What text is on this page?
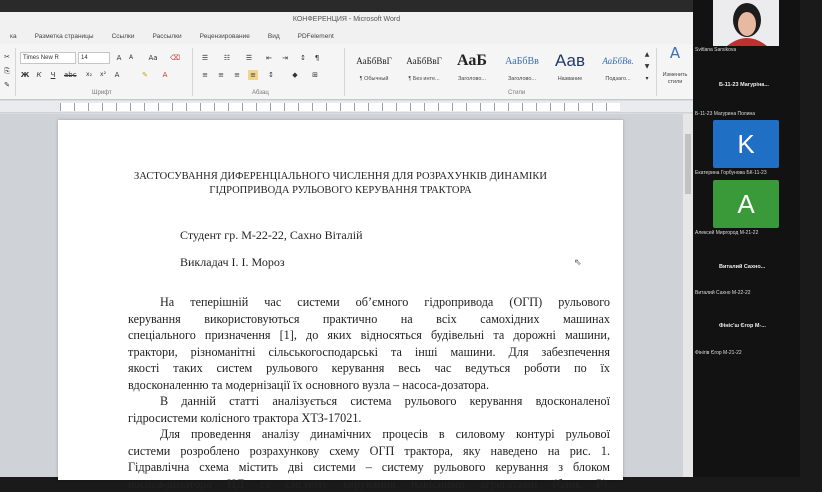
КОНФЕРЕНЦИЯ - Microsoft Word
ка	Разметка страницы	Ссылки	Рассылки	Рецензирование	Вид	PDFelement
✂
⎘
✎
Times New R	14	A	A	Aa ⌫
Ж	К	Ч	abc	x₂	x²	A	✎	A
Шрифт
☰ ☷ ☰ ⇤ ⇥ ↕	¶
≡ ≡ ≡ ≡ ↕	◆	⊞
Абзац
АаБбВвГ
¶ Обычный
АаБбВвГ
¶ Без инте...
АаБ
Заголово...
АаБбВв
Заголово...
Аав
Название
АаБбВв.
Подзаго...
▲
▼
▾
Стили
A
Изменить стили
ЗАСТОСУВАННЯ ДИФЕРЕНЦІАЛЬНОГО ЧИСЛЕННЯ ДЛЯ РОЗРАХУНКІВ ДИНАМІКИ
ГІДРОПРИВОДА РУЛЬОВОГО КЕРУВАННЯ ТРАКТОРА
Студент гр. М-22-22, Сахно Віталій
Викладач І. І. Мороз
На теперішній час системи об’ємного гідропривода (ОГП) рульового
керування використовуються практично на всіх самохідних машинах
спеціального призначення [1], до яких відносяться будівельні та дорожні машини,
трактори, різноманітні сільськогосподарські та інші машини. Для забезпечення
якості таких систем рульового керування весь час ведуться роботи по їх
вдосконаленню та модернізації їх основного вузла – насоса-дозатора.
В данній статті аналізується система рульового керування вдосконаленої
гідросистеми колісного трактора ХТЗ-17021.
Для проведення аналізу динамічних процесів в силовому контурі рульової
системи розроблено розрахункову схему ОГП трактора, яку наведено на рис. 1.
Гідравлічна схема містить дві системи – систему рульового керування з блоком
насоса-дозатора НД та систему керування навісними агрегатами (блок Р).
⇖
Svitlana Sarsikova
Б-11-23 Магурінa...
Б-11-23 Магурина Полина
K
Екатерина Горбунова БК-11-23
A
Алексей Миргород М-21-22
Виталий Сахно...
Виталий Сахно М-22-22
Фініс'ш Єгор М-...
Фінігів Єгор М-21-22
